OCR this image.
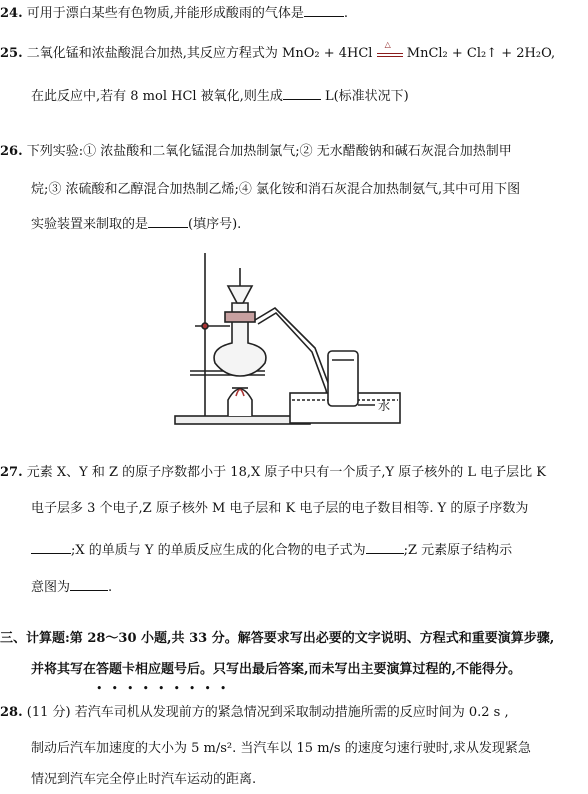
24. 可用于漂白某些有色物质,并能形成酸雨的气体是	.
25. 二氧化锰和浓盐酸混合加热,其反应方程式为 MnO₂ + 4HCl
△
MnCl₂ + Cl₂↑ + 2H₂O,
在此反应中,若有 8 mol HCl 被氧化,则生成	L(标准状况下)
26. 下列实验:① 浓盐酸和二氧化锰混合加热制氯气;② 无水醋酸钠和碱石灰混合加热制甲
烷;③ 浓硫酸和乙醇混合加热制乙烯;④ 氯化铵和消石灰混合加热制氨气,其中可用下图
实验装置来制取的是	(填序号).
水
27. 元素 X、Y 和 Z 的原子序数都小于 18,X 原子中只有一个质子,Y 原子核外的 L 电子层比 K
电子层多 3 个电子,Z 原子核外 M 电子层和 K 电子层的电子数目相等. Y 的原子序数为
;X 的单质与 Y 的单质反应生成的化合物的电子式为	;Z 元素原子结构示
意图为	.
三、计算题:第 28～30 小题,共 33 分。解答要求写出必要的文字说明、方程式和重要演算步骤,
并将其写在答题卡相应题号后。只写出最后答案,而未写出主要演算过程的,不能得分。
•••••••••
28. (11 分) 若汽车司机从发现前方的紧急情况到采取制动措施所需的反应时间为 0.2 s ,
制动后汽车加速度的大小为 5 m/s². 当汽车以 15 m/s 的速度匀速行驶时,求从发现紧急
情况到汽车完全停止时汽车运动的距离.
